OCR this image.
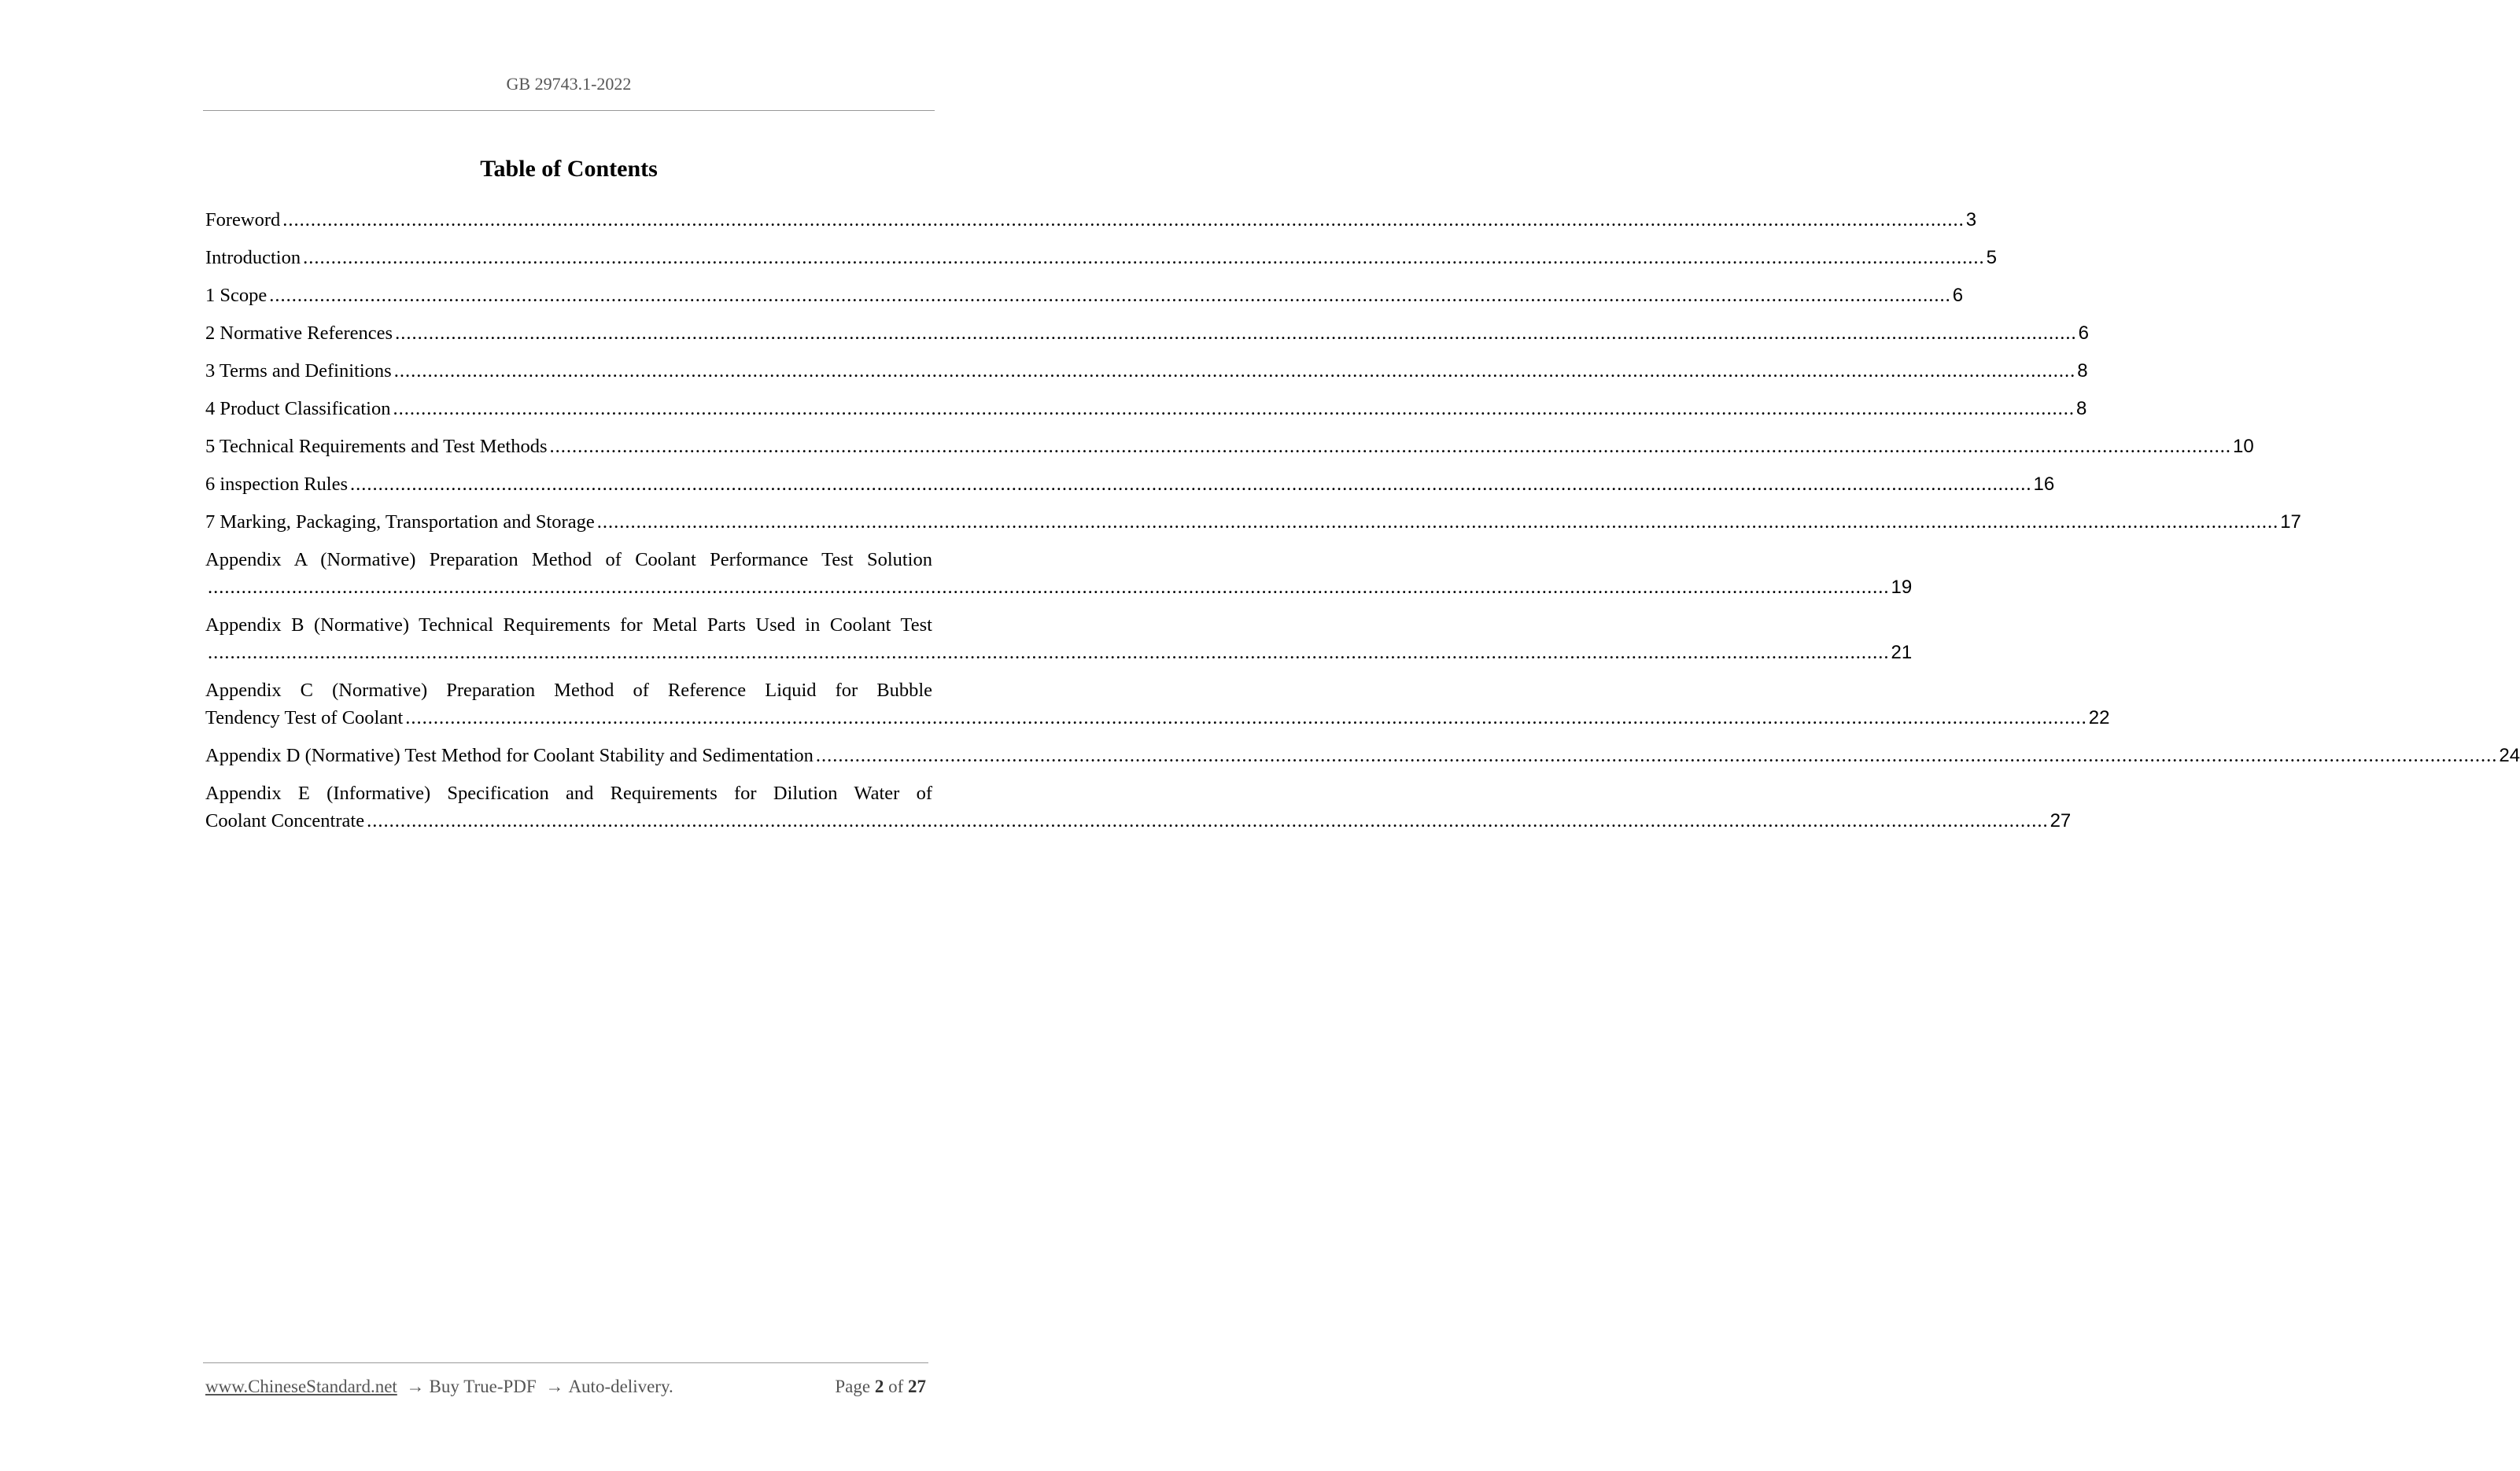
GB 29743.1-2022
Table of Contents
Foreword ............................................................................................................................................................................................................................................................................................................ 3
Introduction ............................................................................................................................................................................................................................................................................................................ 5
1 Scope ............................................................................................................................................................................................................................................................................................................ 6
2 Normative References ............................................................................................................................................................................................................................................................................................................ 6
3 Terms and Definitions ............................................................................................................................................................................................................................................................................................................ 8
4 Product Classification ............................................................................................................................................................................................................................................................................................................ 8
5 Technical Requirements and Test Methods ............................................................................................................................................................................................................................................................................................................ 10
6 inspection Rules ............................................................................................................................................................................................................................................................................................................ 16
7 Marking, Packaging, Transportation and Storage ............................................................................................................................................................................................................................................................................................................ 17
Appendix A (Normative) Preparation Method of Coolant Performance Test Solution
............................................................................................................................................................................................................................................................................................................ 19
Appendix B (Normative) Technical Requirements for Metal Parts Used in Coolant Test
............................................................................................................................................................................................................................................................................................................ 21
Appendix C (Normative) Preparation Method of Reference Liquid for Bubble
Tendency Test of Coolant ............................................................................................................................................................................................................................................................................................................ 22
Appendix D (Normative) Test Method for Coolant Stability and Sedimentation ............................................................................................................................................................................................................................................................................................................ 24
Appendix E (Informative) Specification and Requirements for Dilution Water of
Coolant Concentrate ............................................................................................................................................................................................................................................................................................................ 27
www.ChineseStandard.net → Buy True-PDF → Auto-delivery.	Page 2 of 27
